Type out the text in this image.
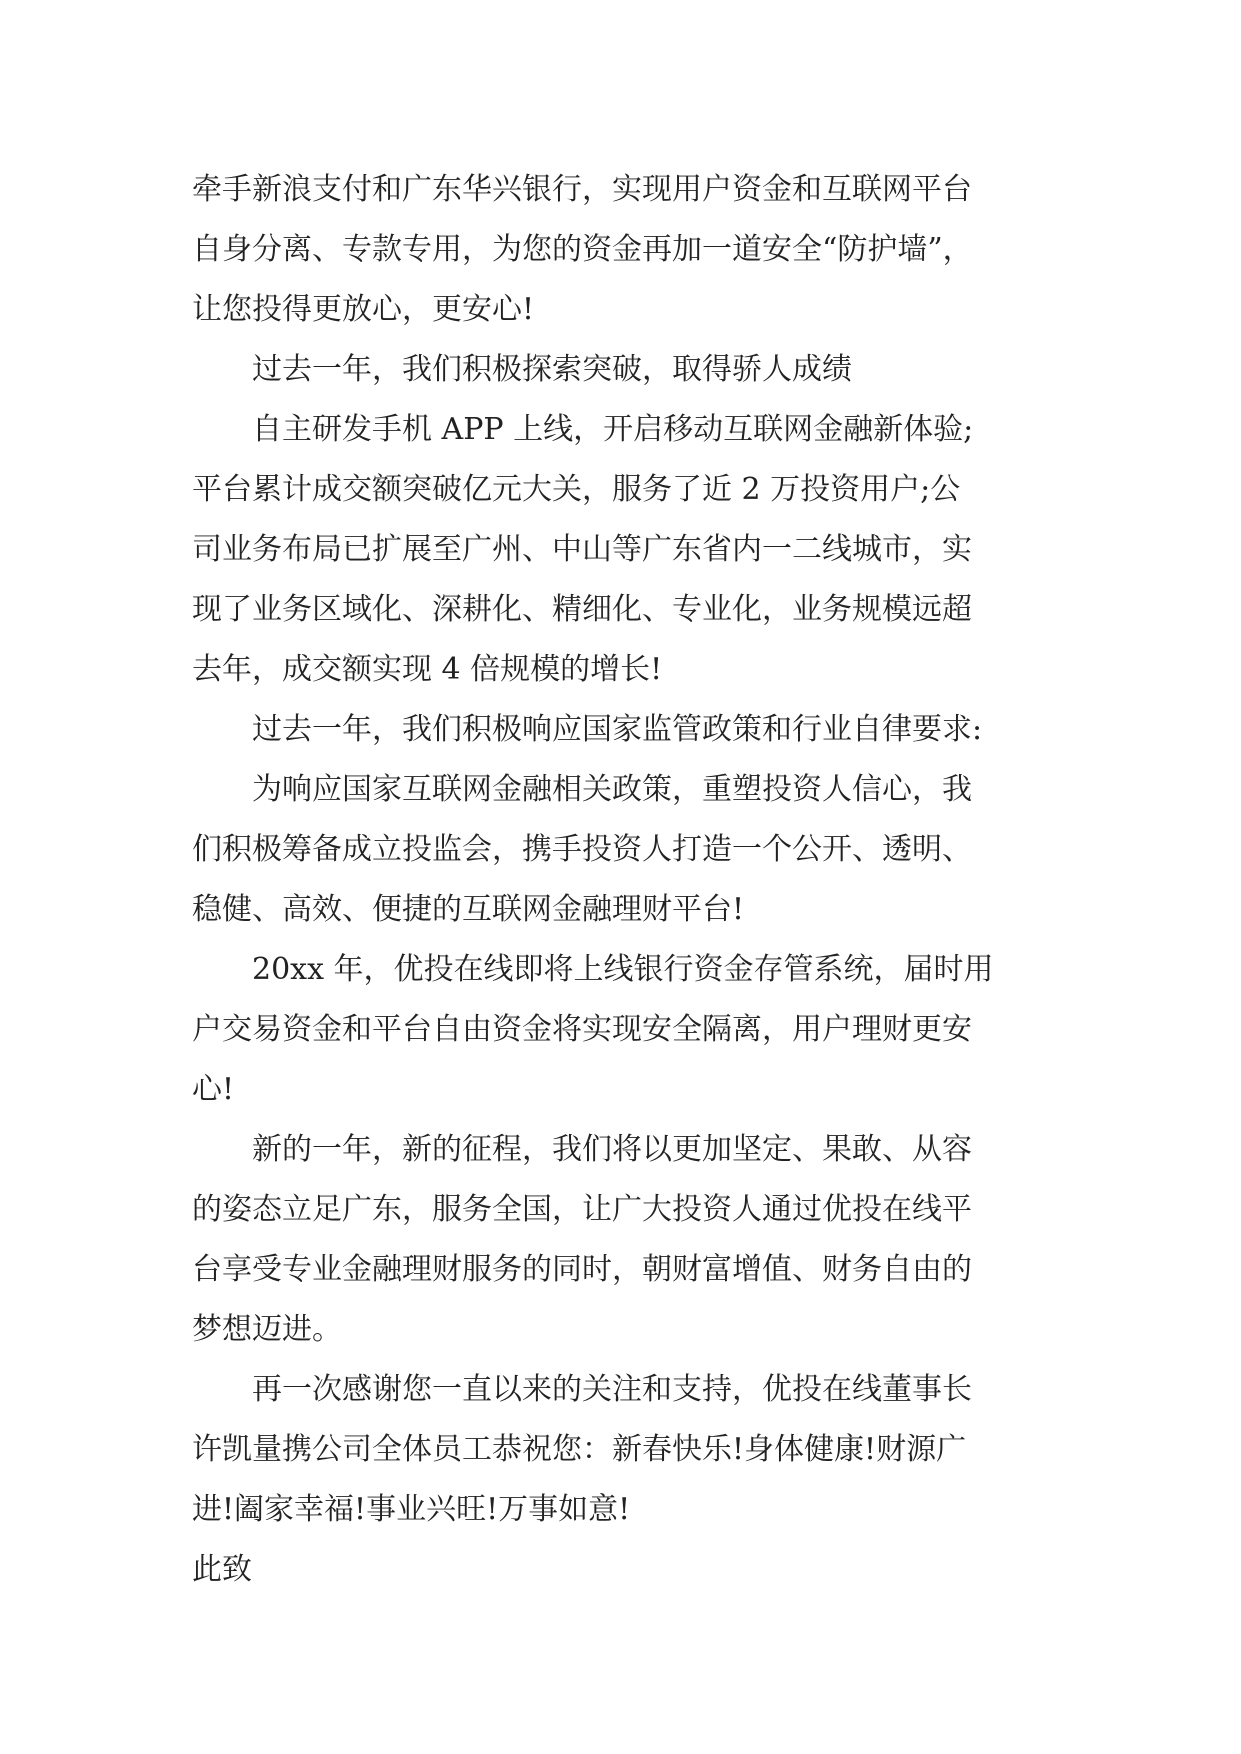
牵手新浪支付和广东华兴银行，实现用户资金和互联网平台
自身分离、专款专用，为您的资金再加一道安全“防护墙”，
让您投得更放心，更安心!
过去一年，我们积极探索突破，取得骄人成绩
自主研发手机 APP 上线，开启移动互联网金融新体验;
平台累计成交额突破亿元大关，服务了近 2 万投资用户;公
司业务布局已扩展至广州、中山等广东省内一二线城市，实
现了业务区域化、深耕化、精细化、专业化，业务规模远超
去年，成交额实现 4 倍规模的增长!
过去一年，我们积极响应国家监管政策和行业自律要求:
为响应国家互联网金融相关政策，重塑投资人信心，我
们积极筹备成立投监会，携手投资人打造一个公开、透明、
稳健、高效、便捷的互联网金融理财平台!
20xx 年，优投在线即将上线银行资金存管系统，届时用
户交易资金和平台自由资金将实现安全隔离，用户理财更安
心!
新的一年，新的征程，我们将以更加坚定、果敢、从容
的姿态立足广东，服务全国，让广大投资人通过优投在线平
台享受专业金融理财服务的同时，朝财富增值、财务自由的
梦想迈进。
再一次感谢您一直以来的关注和支持，优投在线董事长
许凯量携公司全体员工恭祝您：新春快乐!身体健康!财源广
进!阖家幸福!事业兴旺!万事如意!
此致
